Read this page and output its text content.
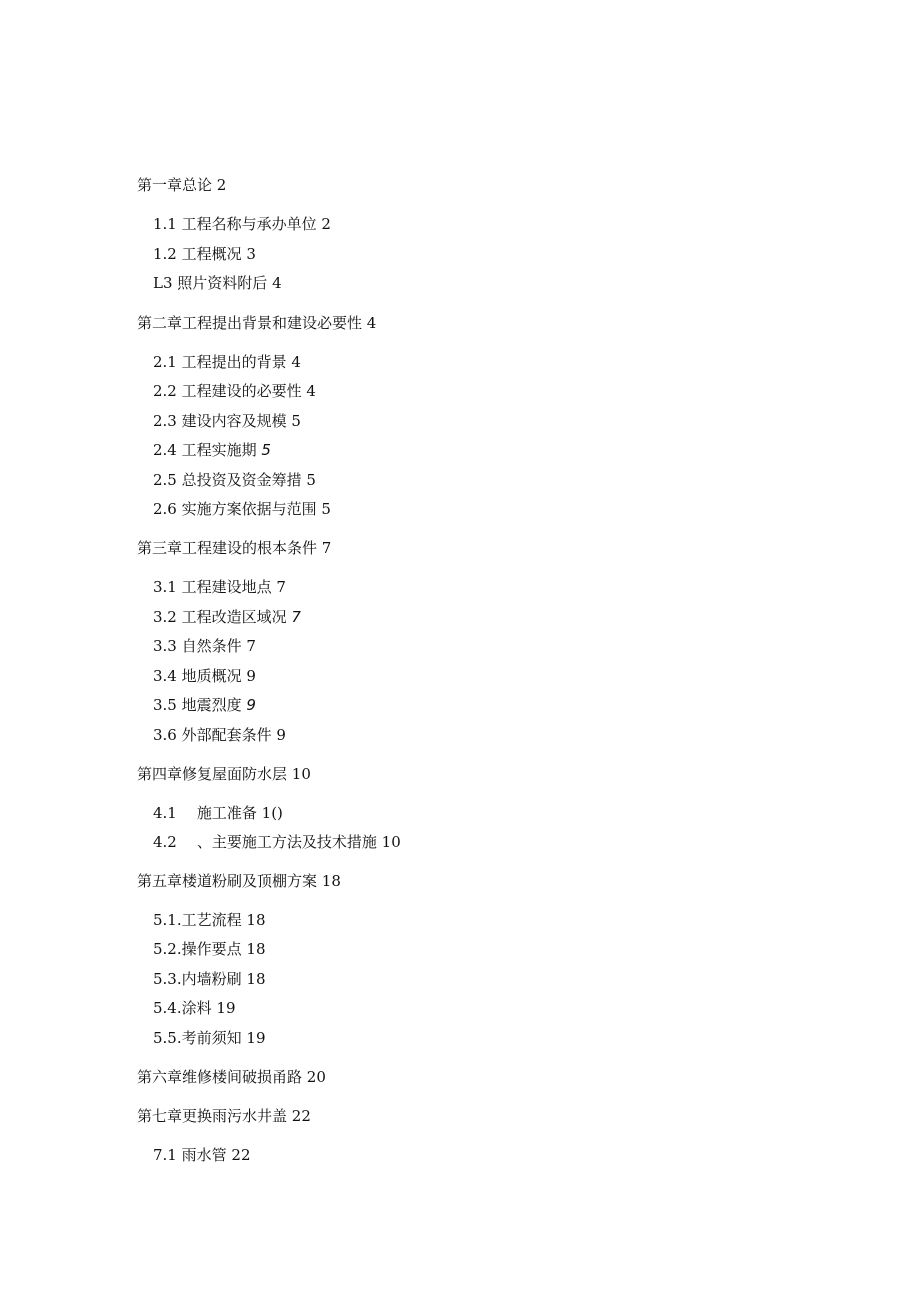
第一章总论 2
1.1 工程名称与承办单位 2
1.2 工程概况 3
L3 照片资料附后 4
第二章工程提出背景和建设必要性 4
2.1 工程提出的背景 4
2.2 工程建设的必要性 4
2.3 建设内容及规模 5
2.4 工程实施期 5
2.5 总投资及资金筹措 5
2.6 实施方案依据与范围 5
第三章工程建设的根本条件 7
3.1 工程建设地点 7
3.2 工程改造区域况 7
3.3 自然条件 7
3.4 地质概况 9
3.5 地震烈度 9
3.6 外部配套条件 9
第四章修复屋面防水层 10
4.1 施工准备 1()
4.2 、主要施工方法及技术措施 10
第五章楼道粉刷及顶棚方案 18
5.1.工艺流程 18
5.2.操作要点 18
5.3.内墙粉刷 18
5.4.涂料 19
5.5.考前须知 19
第六章维修楼间破损甬路 20
第七章更换雨污水井盖 22
7.1 雨水管 22
